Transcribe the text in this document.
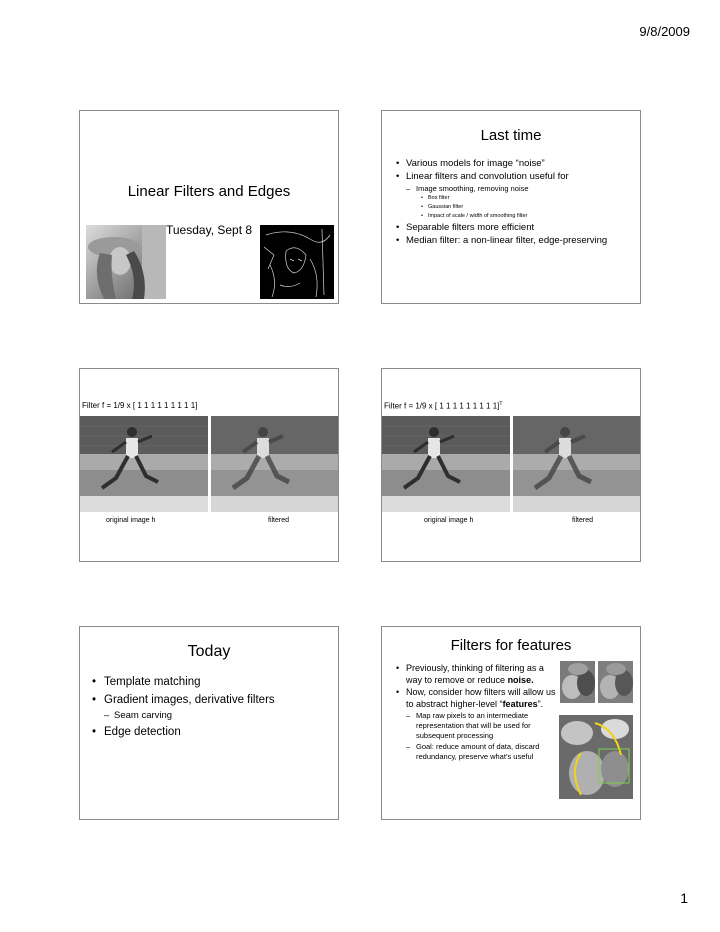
9/8/2009
Linear Filters and Edges
Tuesday, Sept 8
Last time
• Various models for image “noise”
• Linear filters and convolution useful for
– Image smoothing, removing noise
• Box filter
• Gaussian filter
• Impact of scale / width of smoothing filter
• Separable filters more efficient
• Median filter: a non-linear filter, edge-preserving
Filter f = 1/9 x [ 1 1 1 1 1 1 1 1 1]
original image h	filtered
Filter f = 1/9 x [ 1 1 1 1 1 1 1 1 1]$^T$
original image h	filtered
Today
• Template matching
• Gradient images, derivative filters
– Seam carving
• Edge detection
Filters for features
• Previously, thinking of filtering as a way to remove or reduce noise.
• Now, consider how filters will allow us to abstract higher-level “features”.
– Map raw pixels to an intermediate representation that will be used for subsequent processing
– Goal: reduce amount of data, discard redundancy, preserve what’s useful
1
